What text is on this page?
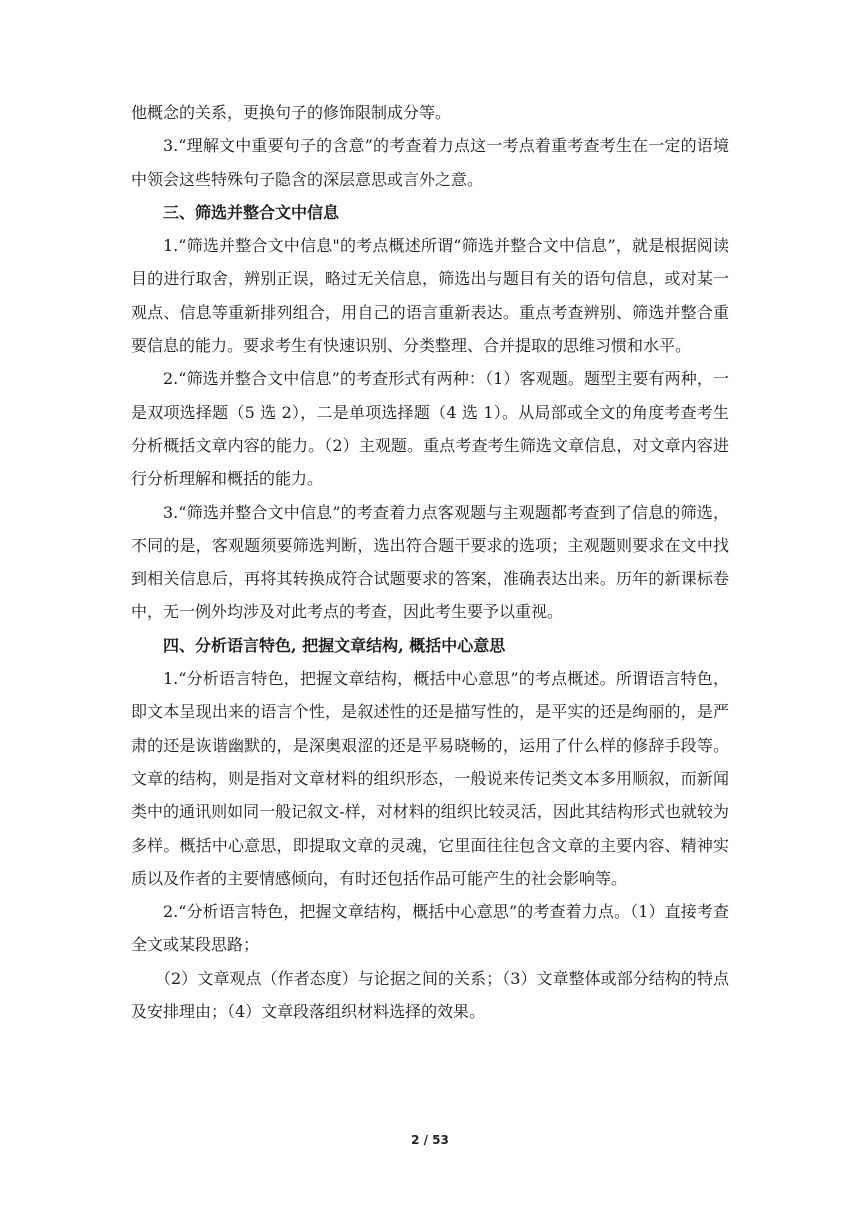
他概念的关系，更换句子的修饰限制成分等。

3.“理解文中重要句子的含意”的考查着力点这一考点着重考查考生在一定的语境中领会这些特殊句子隐含的深层意思或言外之意。

三、筛选并整合文中信息

1.“筛选并整合文中信息"的考点概述所谓“筛选并整合文中信息”，就是根据阅读目的进行取舍，辨别正误，略过无关信息，筛选出与题目有关的语句信息，或对某一观点、信息等重新排列组合，用自己的语言重新表达。重点考查辨别、筛选并整合重要信息的能力。要求考生有快速识别、分类整理、合并提取的思维习惯和水平。

2.“筛选并整合文中信息”的考查形式有两种：（1）客观题。题型主要有两种，一是双项选择题（5 选 2），二是单项选择题（4 选 1）。从局部或全文的角度考查考生分析概括文章内容的能力。（2）主观题。重点考查考生筛选文章信息，对文章内容进行分析理解和概括的能力。

3.“筛选并整合文中信息”的考查着力点客观题与主观题都考查到了信息的筛选，不同的是，客观题须要筛选判断，选出符合题干要求的选项；主观题则要求在文中找到相关信息后，再将其转换成符合试题要求的答案，准确表达出来。历年的新课标卷中，无一例外均涉及对此考点的考查，因此考生要予以重视。

四、分析语言特色, 把握文章结构, 概括中心意思

1.“分析语言特色，把握文章结构，概括中心意思”的考点概述。所谓语言特色，即文本呈现出来的语言个性，是叙述性的还是描写性的，是平实的还是绚丽的，是严肃的还是诙谐幽默的，是深奥艰涩的还是平易晓畅的，运用了什么样的修辞手段等。文章的结构，则是指对文章材料的组织形态，一般说来传记类文本多用顺叙，而新闻类中的通讯则如同一般记叙文-样，对材料的组织比较灵活，因此其结构形式也就较为多样。概括中心意思，即提取文章的灵魂，它里面往往包含文章的主要内容、精神实质以及作者的主要情感倾向，有时还包括作品可能产生的社会影响等。

2.“分析语言特色，把握文章结构，概括中心意思”的考查着力点。（1）直接考查全文或某段思路；

（2）文章观点（作者态度）与论据之间的关系；（3）文章整体或部分结构的特点及安排理由；（4）文章段落组织材料选择的效果。

2 / 53
